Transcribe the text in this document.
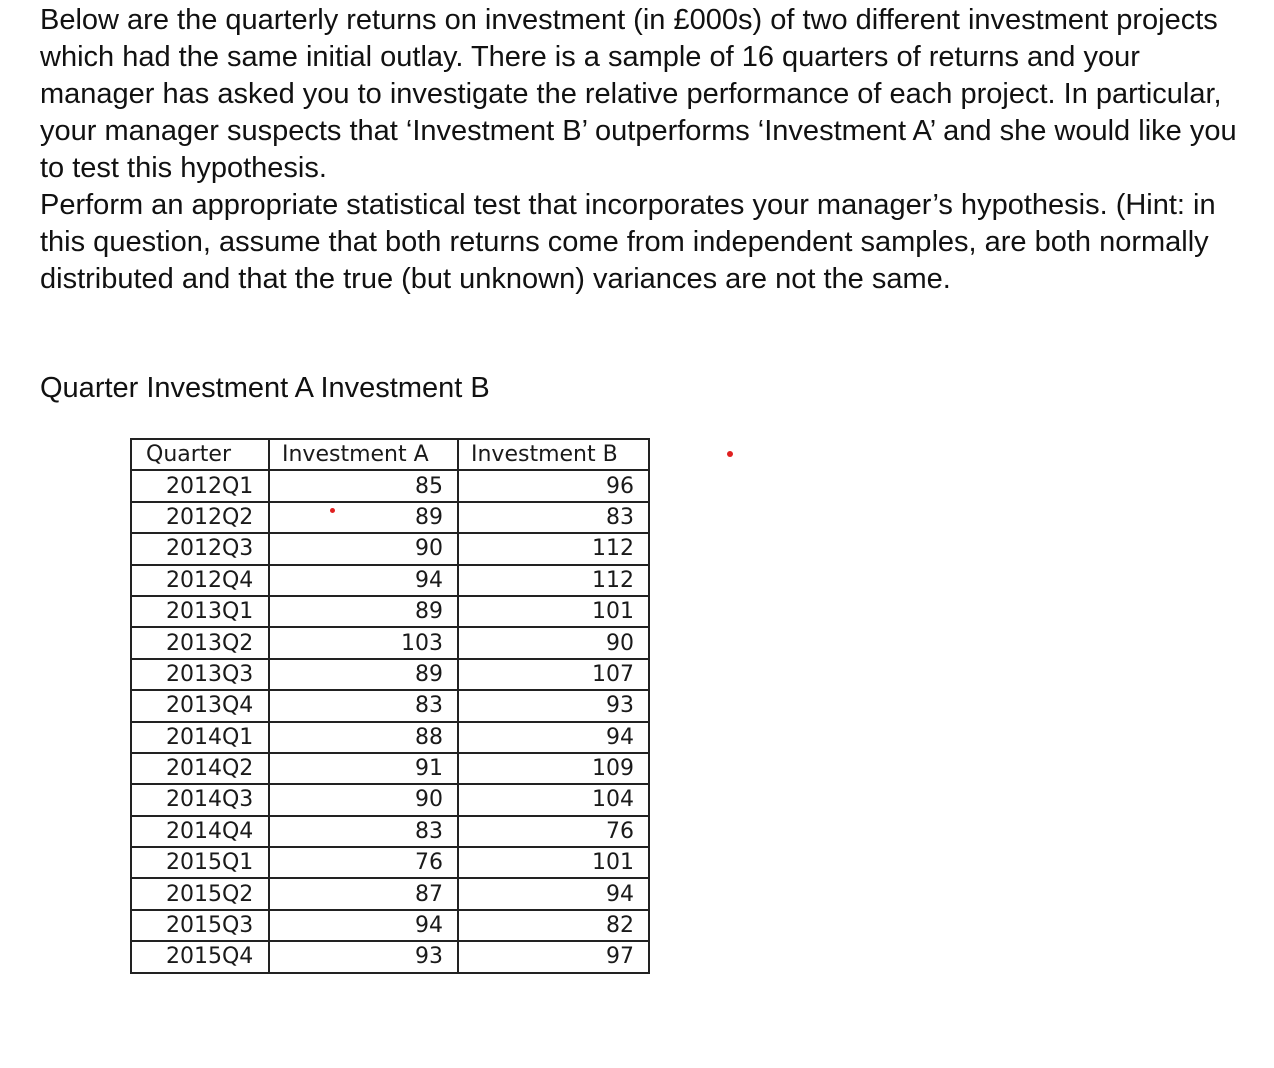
Below are the quarterly returns on investment (in £000s) of two different investment projects which had the same initial outlay. There is a sample of 16 quarters of returns and your manager has asked you to investigate the relative performance of each project. In particular, your manager suspects that ‘Investment B’ outperforms ‘Investment A’ and she would like you to test this hypothesis.

Perform an appropriate statistical test that incorporates your manager’s hypothesis. (Hint: in this question, assume that both returns come from independent samples, are both normally distributed and that the true (but unknown) variances are not the same.

Quarter Investment A Investment B

Quarter	Investment A	Investment B
2012Q1	85	96
2012Q2	89	83
2012Q3	90	112
2012Q4	94	112
2013Q1	89	101
2013Q2	103	90
2013Q3	89	107
2013Q4	83	93
2014Q1	88	94
2014Q2	91	109
2014Q3	90	104
2014Q4	83	76
2015Q1	76	101
2015Q2	87	94
2015Q3	94	82
2015Q4	93	97
